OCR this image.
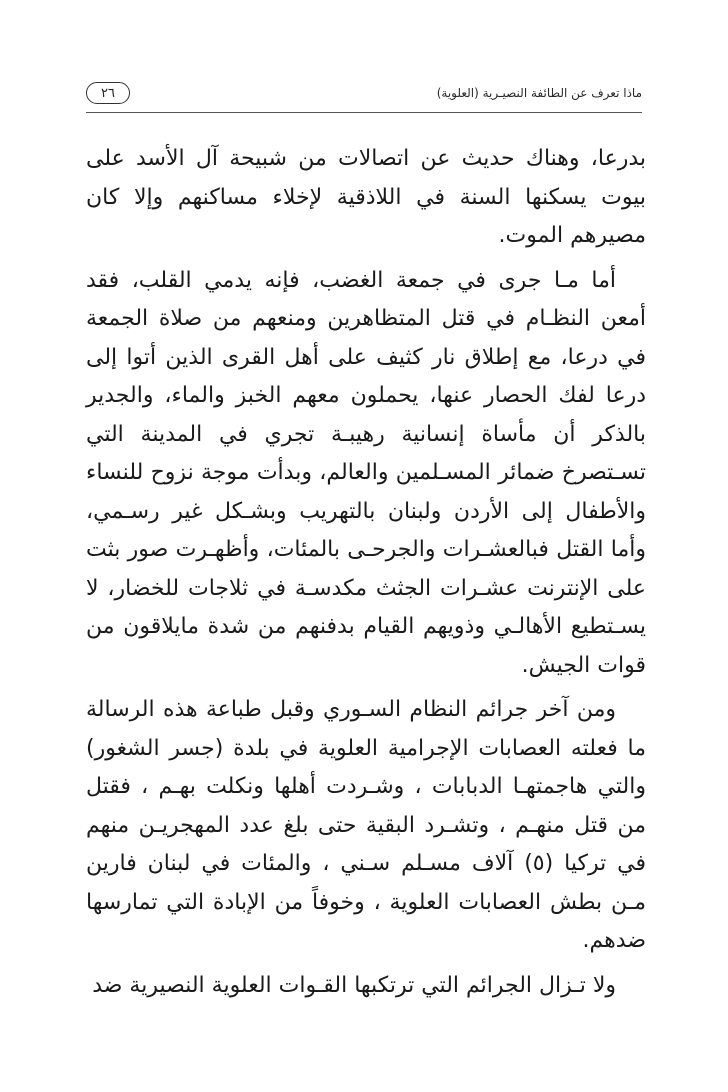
ماذا تعرف عن الطائفة النصيـرية (العلوية)
٢٦

بدرعا، وهناك حديث عن اتصالات من شبيحة آل الأسد على بيوت يسكنها السنة في اللاذقية لإخلاء مساكنهم وإلا كان مصيرهم الموت.

أما مـا جرى في جمعة الغضب، فإنه يدمي القلب، فقد أمعن النظـام في قتل المتظاهرين ومنعهم من صلاة الجمعة في درعا، مع إطلاق نار كثيف على أهل القرى الذين أتوا إلى درعا لفك الحصار عنها، يحملون معهم الخبز والماء، والجدير بالذكر أن مأساة إنسانية رهيبـة تجري في المدينة التي تسـتصرخ ضمائر المسـلمين والعالم، وبدأت موجة نزوح للنساء والأطفال إلى الأردن ولبنان بالتهريب وبشـكل غير رسـمي، وأما القتل فبالعشـرات والجرحـى بالمئات، وأظهـرت صور بثت على الإنترنت عشـرات الجثث مكدسـة في ثلاجات للخضار، لا يسـتطيع الأهالـي وذويهم القيام بدفنهم من شدة مايلاقون من قوات الجيش.

ومن آخر جرائم النظام السـوري وقبل طباعة هذه الرسالة ما فعلته العصابات الإجرامية العلوية في بلدة (جسر الشغور) والتي هاجمتهـا الدبابات ، وشـردت أهلها ونكلت بهـم ، فقتل من قتل منهـم ، وتشـرد البقية حتى بلغ عدد المهجريـن منهم في تركيا (٥) آلاف مسـلم سـني ، والمئات في لبنان فارين مـن بطش العصابات العلوية ، وخوفاً من الإبادة التي تمارسها ضدهم.

ولا تـزال الجرائم التي ترتكبها القـوات العلوية النصيرية ضد
